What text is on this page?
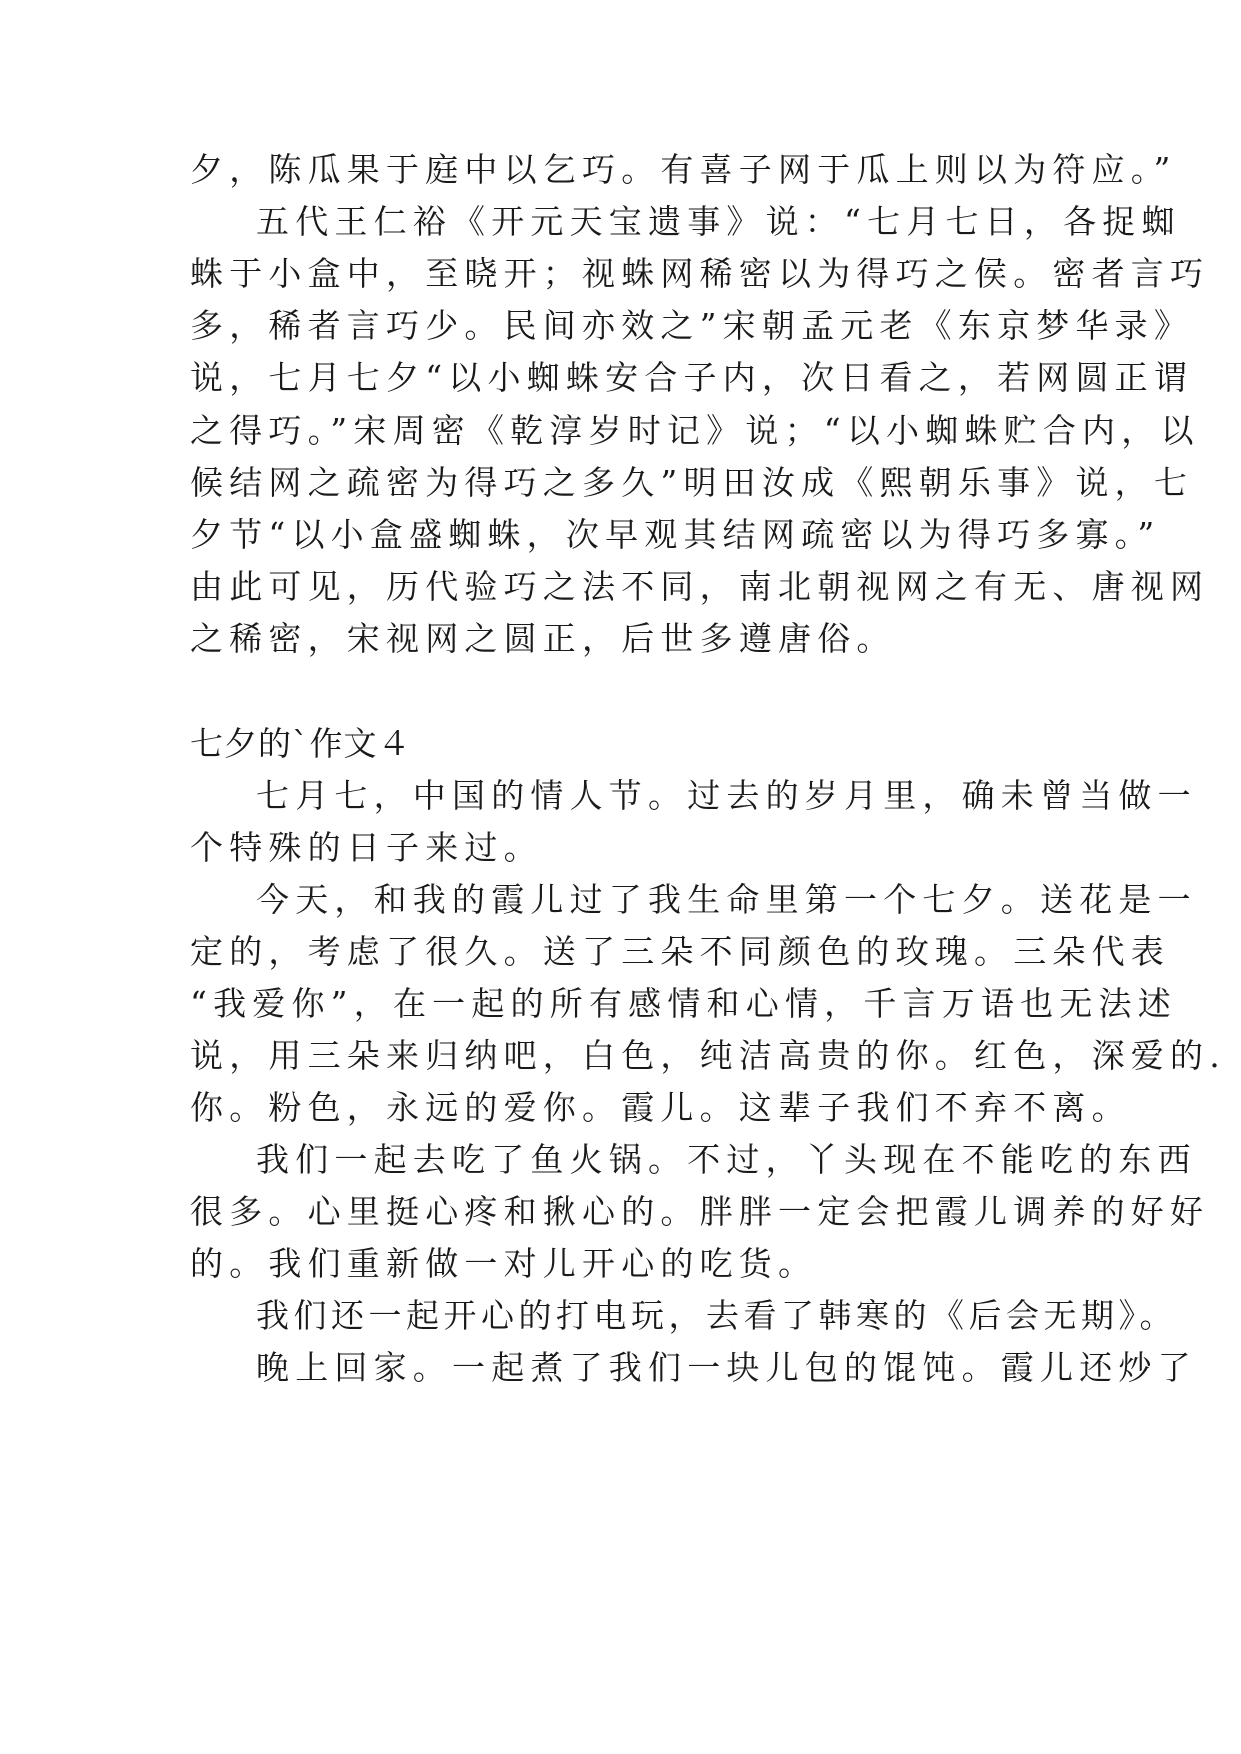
夕，陈瓜果于庭中以乞巧。有喜子网于瓜上则以为符应。”
五代王仁裕《开元天宝遗事》说：“七月七日，各捉蜘
蛛于小盒中，至晓开；视蛛网稀密以为得巧之侯。密者言巧
多，稀者言巧少。民间亦效之”宋朝孟元老《东京梦华录》
说，七月七夕“以小蜘蛛安合子内，次日看之，若网圆正谓
之得巧。”宋周密《乾淳岁时记》说；“以小蜘蛛贮合内，以
候结网之疏密为得巧之多久”明田汝成《熙朝乐事》说，七
夕节“以小盒盛蜘蛛，次早观其结网疏密以为得巧多寡。”
由此可见，历代验巧之法不同，南北朝视网之有无、唐视网
之稀密，宋视网之圆正，后世多遵唐俗。
七夕的`作文４
七月七，中国的情人节。过去的岁月里，确未曾当做一
个特殊的日子来过。
今天，和我的霞儿过了我生命里第一个七夕。送花是一
定的，考虑了很久。送了三朵不同颜色的玫瑰。三朵代表
“我爱你”，在一起的所有感情和心情，千言万语也无法述
说，用三朵来归纳吧，白色，纯洁高贵的你。红色，深爱的.
你。粉色，永远的爱你。霞儿。这辈子我们不弃不离。
我们一起去吃了鱼火锅。不过，丫头现在不能吃的东西
很多。心里挺心疼和揪心的。胖胖一定会把霞儿调养的好好
的。我们重新做一对儿开心的吃货。
我们还一起开心的打电玩，去看了韩寒的《后会无期》。
晚上回家。一起煮了我们一块儿包的馄饨。霞儿还炒了
